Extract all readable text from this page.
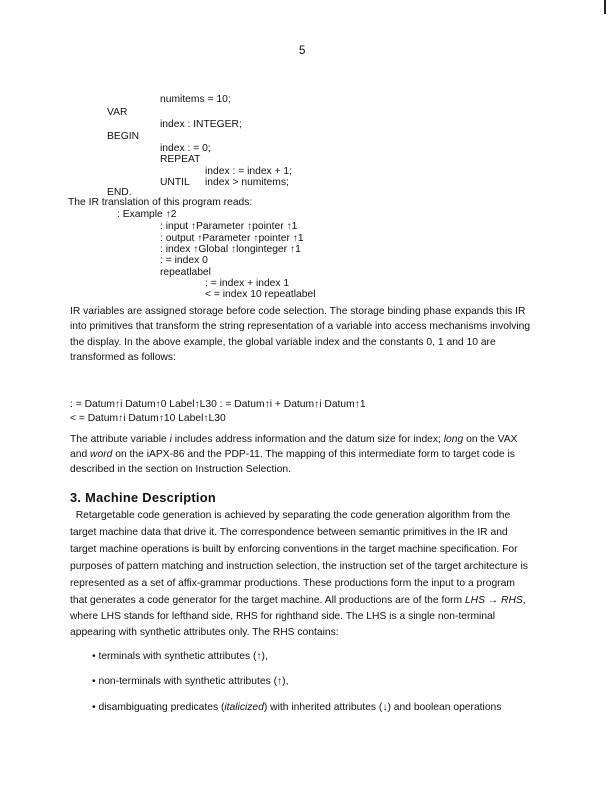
5
numitems = 10;
VAR
index : INTEGER;
BEGIN
index : = 0;
REPEAT
index : = index + 1;
UNTIL index > numitems;
END.
The IR translation of this program reads:
: Example ↑2
: input ↑Parameter ↑pointer ↑1
: output ↑Parameter ↑pointer ↑1
: index ↑Global ↑longinteger ↑1
: = index 0
repeatlabel
: = index + index 1
< = index 10 repeatlabel
IR variables are assigned storage before code selection. The storage binding phase expands this IR
into primitives that transform the string representation of a variable into access mechanisms involving
the display. In the above example, the global variable index and the constants 0, 1 and 10 are
transformed as follows:
: = Datum↑i Datum↑0 Label↑L30 : = Datum↑i + Datum↑i Datum↑1
< = Datum↑i Datum↑10 Label↑L30
The attribute variable i includes address information and the datum size for index; long on the VAX
and word on the iAPX-86 and the PDP-11. The mapping of this intermediate form to target code is
described in the section on Instruction Selection.
3. Machine Description
Retargetable code generation is achieved by separating the code generation algorithm from the
target machine data that drive it. The correspondence between semantic primitives in the IR and
target machine operations is built by enforcing conventions in the target machine specification. For
purposes of pattern matching and instruction selection, the instruction set of the target architecture is
represented as a set of affix-grammar productions. These productions form the input to a program
that generates a code generator for the target machine. All productions are of the form LHS → RHS,
where LHS stands for lefthand side, RHS for righthand side. The LHS is a single non-terminal
appearing with synthetic attributes only. The RHS contains:
• terminals with synthetic attributes (↑),
• non-terminals with synthetic attributes (↑),
• disambiguating predicates (italicized) with inherited attributes (↓) and boolean operations
